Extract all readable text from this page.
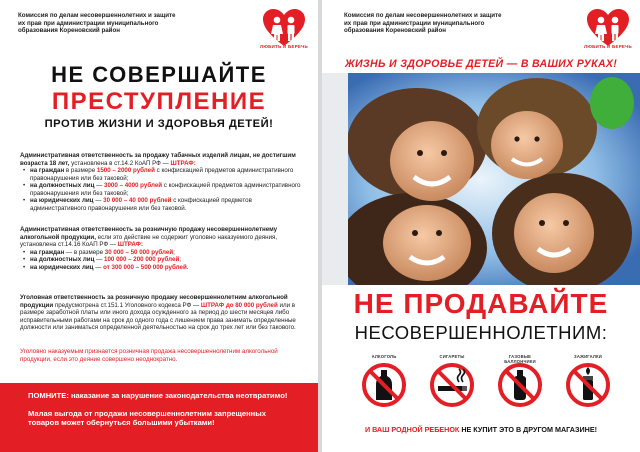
Комиссия по делам несовершеннолетних и защите
их прав при администрации муниципального
образования Кореновский район
ЛЮБИТЬ И БЕРЕЧЬ
НЕ СОВЕРШАЙТЕ
ПРЕСТУПЛЕНИЕ
ПРОТИВ ЖИЗНИ И ЗДОРОВЬЯ ДЕТЕЙ!
Административная ответственность за продажу табачных изделий лицам, не достигшим возраста 18 лет, установлена в ст.14.2 КоАП РФ — ШТРАФ:
• на граждан в размере 1500 – 2000 рублей с конфискацией предметов административного правонарушения или без таковой;
• на должностных лиц — 3000 – 4000 рублей с конфискацией предметов административного правонарушения или без таковой;
• на юридических лиц — 30 000 – 40 000 рублей с конфискацией предметов административного правонарушения или без таковой.
Административная ответственность за розничную продажу несовершеннолетнему алкогольной продукции, если это действие не содержит уголовно наказуемого деяния, установлена ст.14.16 КоАП РФ — ШТРАФ:
• на граждан — в размере 30 000 – 50 000 рублей;
• на должностных лиц — 100 000 – 200 000 рублей;
• на юридических лиц — от 300 000 – 500 000 рублей.
Уголовная ответственность за розничную продажу несовершеннолетним алкогольной продукции предусмотрена ст.151.1 Уголовного кодекса РФ — ШТРАФ до 80 000 рублей или в размере заработной платы или иного дохода осужденного за период до шести месяцев либо исправительными работами на срок до одного года с лишением права занимать определенные должности или заниматься определенной деятельностью на срок до трех лет или без такового.
Уголовно наказуемым признается розничная продажа несовершеннолетним алкогольной продукции, если это деяние совершено неоднократно.
ПОМНИТЕ: наказание за нарушение законодательства неотвратимо!
Малая выгода от продажи несовершеннолетним запрещенных товаров может обернуться большими убытками!
Комиссия по делам несовершеннолетних и защите
их прав при администрации муниципального
образования Кореновский район
ЛЮБИТЬ И БЕРЕЧЬ
ЖИЗНЬ И ЗДОРОВЬЕ ДЕТЕЙ — В ВАШИХ РУКАХ!
НЕ ПРОДАВАЙТЕ
НЕСОВЕРШЕННОЛЕТНИМ:
АЛКОГОЛЬ	СИГАРЕТЫ	ГАЗОВЫЕ БАЛЛОНЧИКИ
ЗАЖИГАЛКИ
И ВАШ РОДНОЙ РЕБЕНОК НЕ КУПИТ ЭТО В ДРУГОМ МАГАЗИНЕ!
